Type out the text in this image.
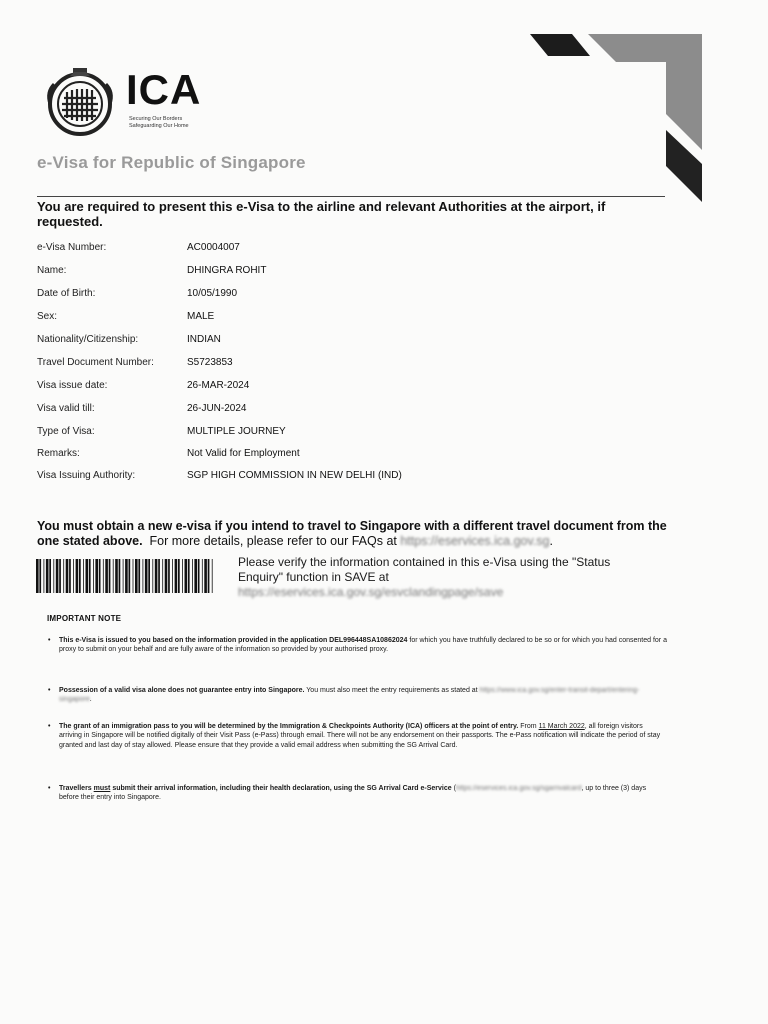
ICA
Securing Our Borders
Safeguarding Our Home
e-Visa for Republic of Singapore
You are required to present this e-Visa to the airline and relevant Authorities at the airport, if requested.
e-Visa Number:	AC0004007
Name:	DHINGRA ROHIT
Date of Birth:	10/05/1990
Sex:	MALE
Nationality/Citizenship:	INDIAN
Travel Document Number:	S5723853
Visa issue date:	26-MAR-2024
Visa valid till:	26-JUN-2024
Type of Visa:	MULTIPLE JOURNEY
Remarks:	Not Valid for Employment
Visa Issuing Authority:	SGP HIGH COMMISSION IN NEW DELHI (IND)
You must obtain a new e-visa if you intend to travel to Singapore with a different travel document from the one stated above. For more details, please refer to our FAQs at https://eservices.ica.gov.sg.
Please verify the information contained in this e-Visa using the "Status Enquiry" function in SAVE at
https://eservices.ica.gov.sg/esvclandingpage/save
IMPORTANT NOTE
• This e-Visa is issued to you based on the information provided in the application DEL996448SA10862024 for which you have truthfully declared to be so or for which you had consented for a proxy to submit on your behalf and are fully aware of the information so provided by your authorised proxy.
• Possession of a valid visa alone does not guarantee entry into Singapore. You must also meet the entry requirements as stated at https://www.ica.gov.sg/enter-transit-depart/entering-singapore.
• The grant of an immigration pass to you will be determined by the Immigration & Checkpoints Authority (ICA) officers at the point of entry. From 11 March 2022, all foreign visitors arriving in Singapore will be notified digitally of their Visit Pass (e-Pass) through email. There will not be any endorsement on their passports. The e-Pass notification will indicate the period of stay granted and last day of stay allowed. Please ensure that they provide a valid email address when submitting the SG Arrival Card.
• Travellers must submit their arrival information, including their health declaration, using the SG Arrival Card e-Service (https://eservices.ica.gov.sg/sgarrivalcard, up to three (3) days before their entry into Singapore.
